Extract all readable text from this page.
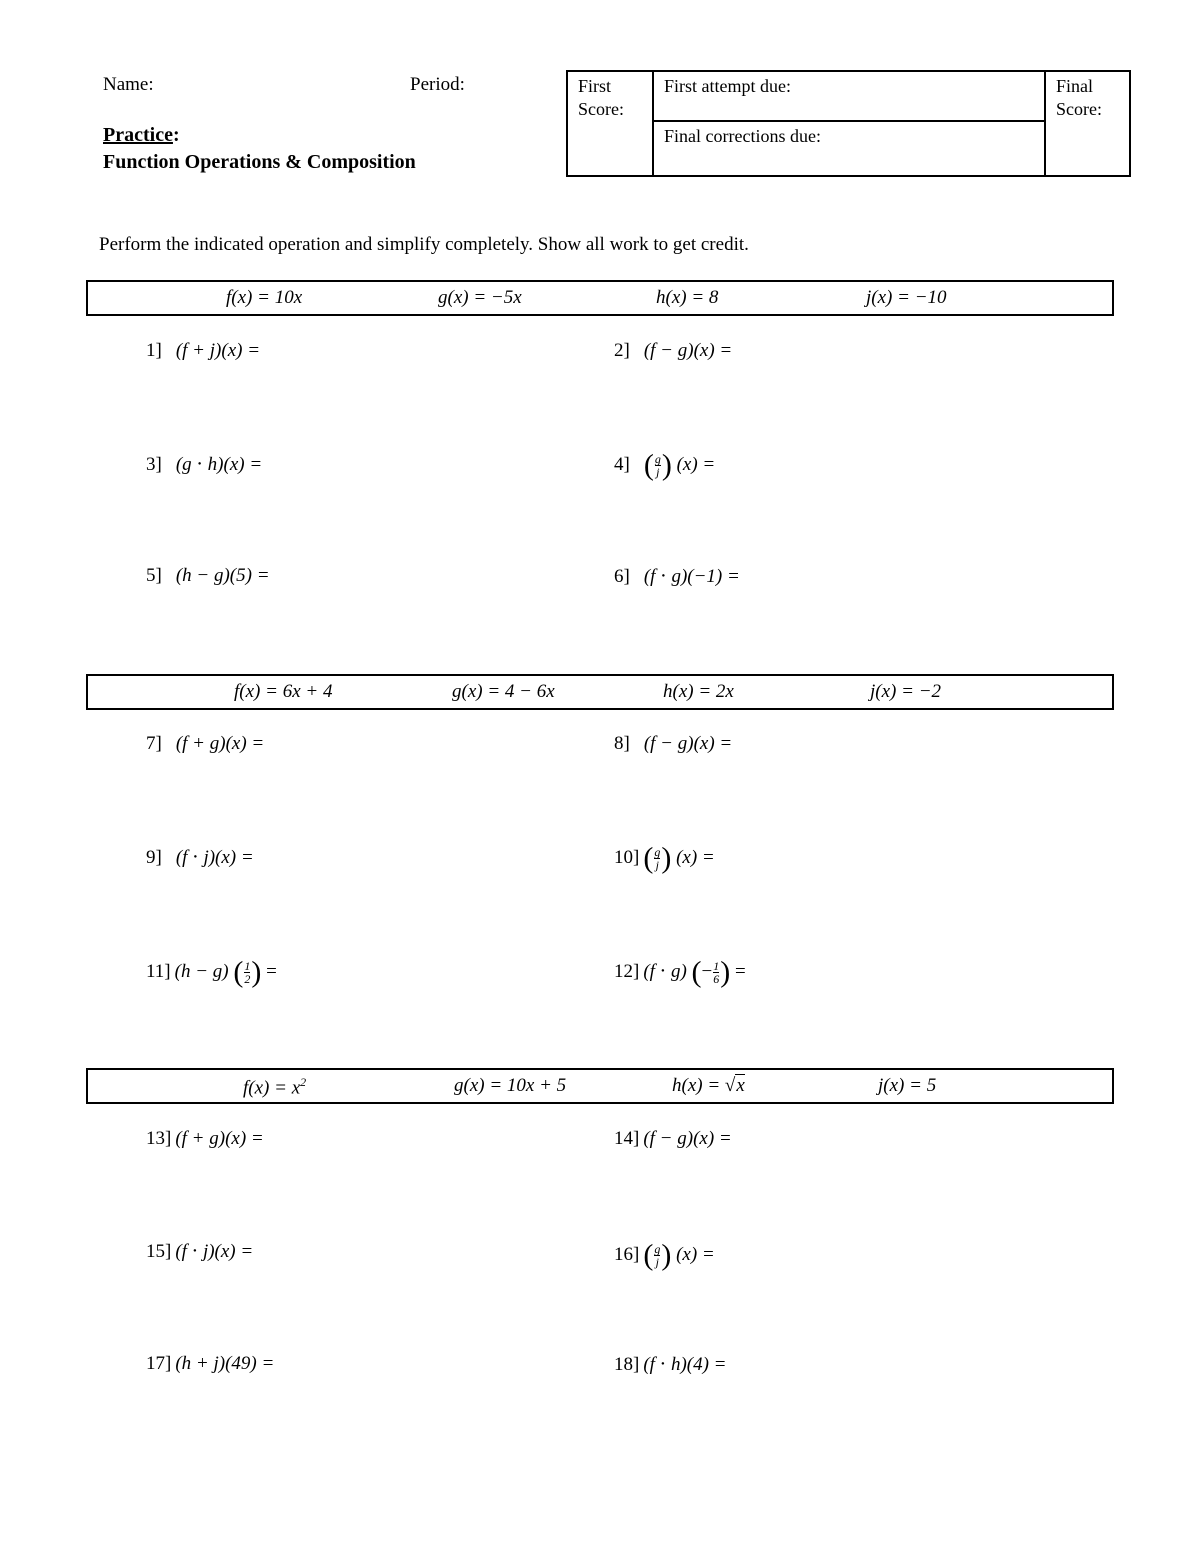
Name:	Period:
Practice:
Function Operations & Composition
First
Score:
First attempt due:
Final corrections due:
Final
Score:
Perform the indicated operation and simplify completely. Show all work to get credit.
f(x) = 10x	g(x) = −5x	h(x) = 8	j(x) = −10
1] (f + j)(x) =	2] (f − g)(x) =
3] (g ⋅ h)(x) =	4] ( $\frac{g}{j}$ ) (x) =
5] (h − g)(5) =	6] (f ⋅ g)(−1) =
f(x) = 6x + 4	g(x) = 4 − 6x	h(x) = 2x	j(x) = −2
7] (f + g)(x) =	8] (f − g)(x) =
9] (f ⋅ j)(x) =	10] ( $\frac{g}{j}$ ) (x) =
11] (h − g) ( $\frac{1}{2}$ ) =	12] (f ⋅ g) (− $\frac{1}{6}$ ) =
$f(x) = x^2$	g(x) = 10x + 5	h(x) = √x	j(x) = 5
13] (f + g)(x) =	14] (f − g)(x) =
15] (f ⋅ j)(x) =	16] ( $\frac{g}{j}$ ) (x) =
17] (h + j)(49) =	18] (f ⋅ h)(4) =
